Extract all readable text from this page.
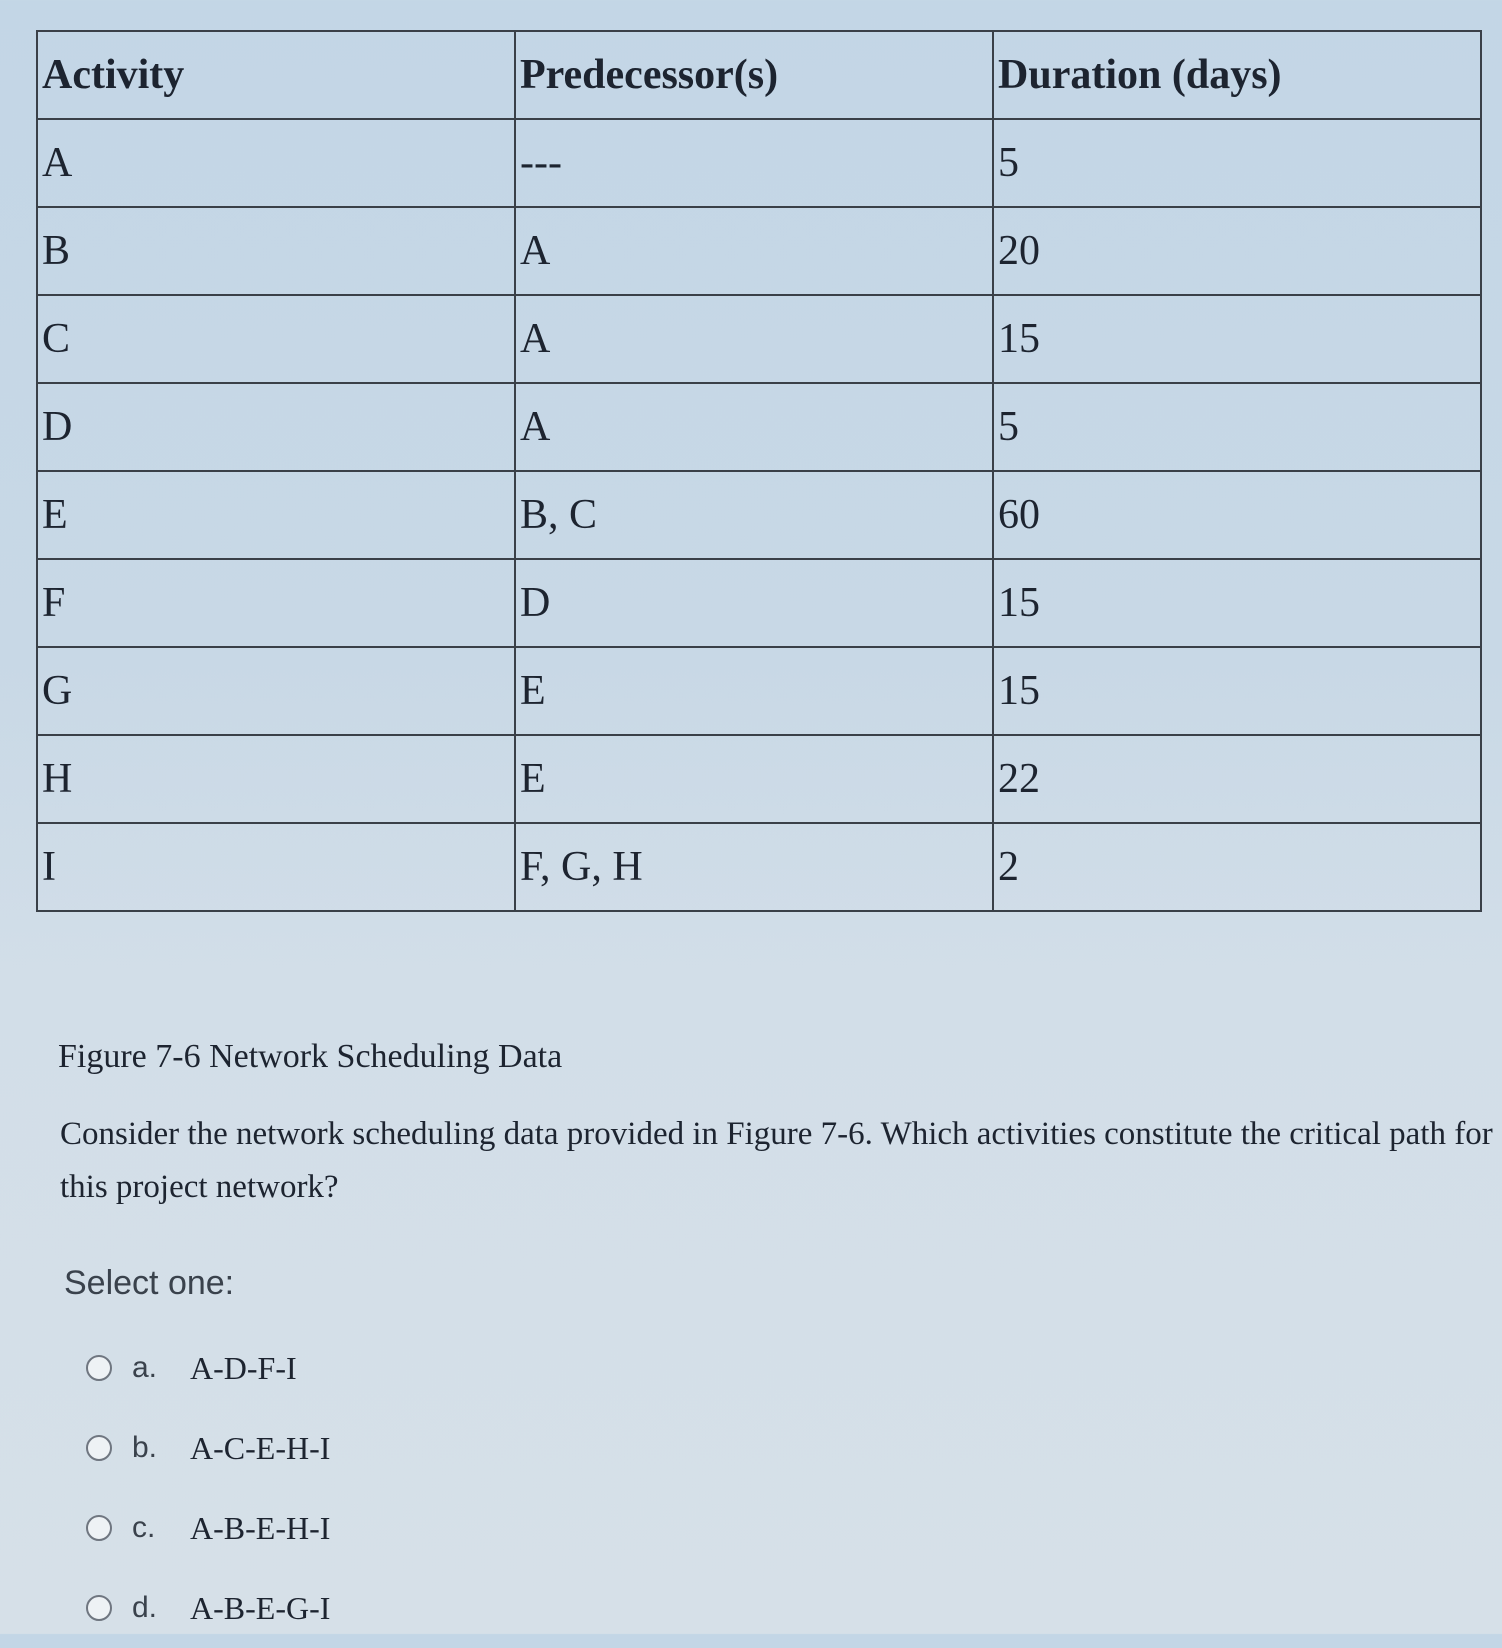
Activity	Predecessor(s)	Duration (days)
A	---	5
B	A	20
C	A	15
D	A	5
E	B, C	60
F	D	15
G	E	15
H	E	22
I	F, G, H	2
Figure 7-6 Network Scheduling Data
Consider the network scheduling data provided in Figure 7-6. Which activities constitute the critical path for this project network?
Select one:
a.	A-D-F-I
b.	A-C-E-H-I
c.	A-B-E-H-I
d.	A-B-E-G-I
